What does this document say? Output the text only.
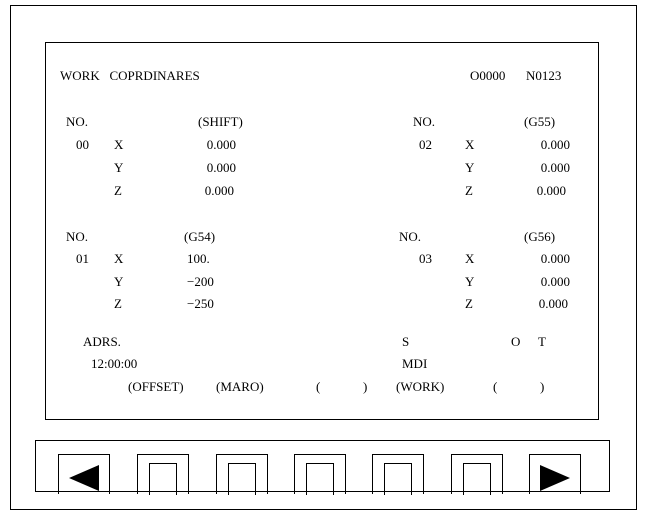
WORK   COPRDINARES	O0000 N0123
NO.	(SHIFT)
00 X	0.000
Y	0.000
Z	0.000
NO.	(G55)
02	X	0.000
Y	0.000
Z	0.000
NO.	(G54)
01 X	100.
Y	−200
Z	−250
NO.	(G56)
03	X	0.000
Y	0.000
Z	0.000
ADRS.	S	O T
12:00:00	MDI
(OFFSET) (MARO)	(	) (WORK)	(	)
